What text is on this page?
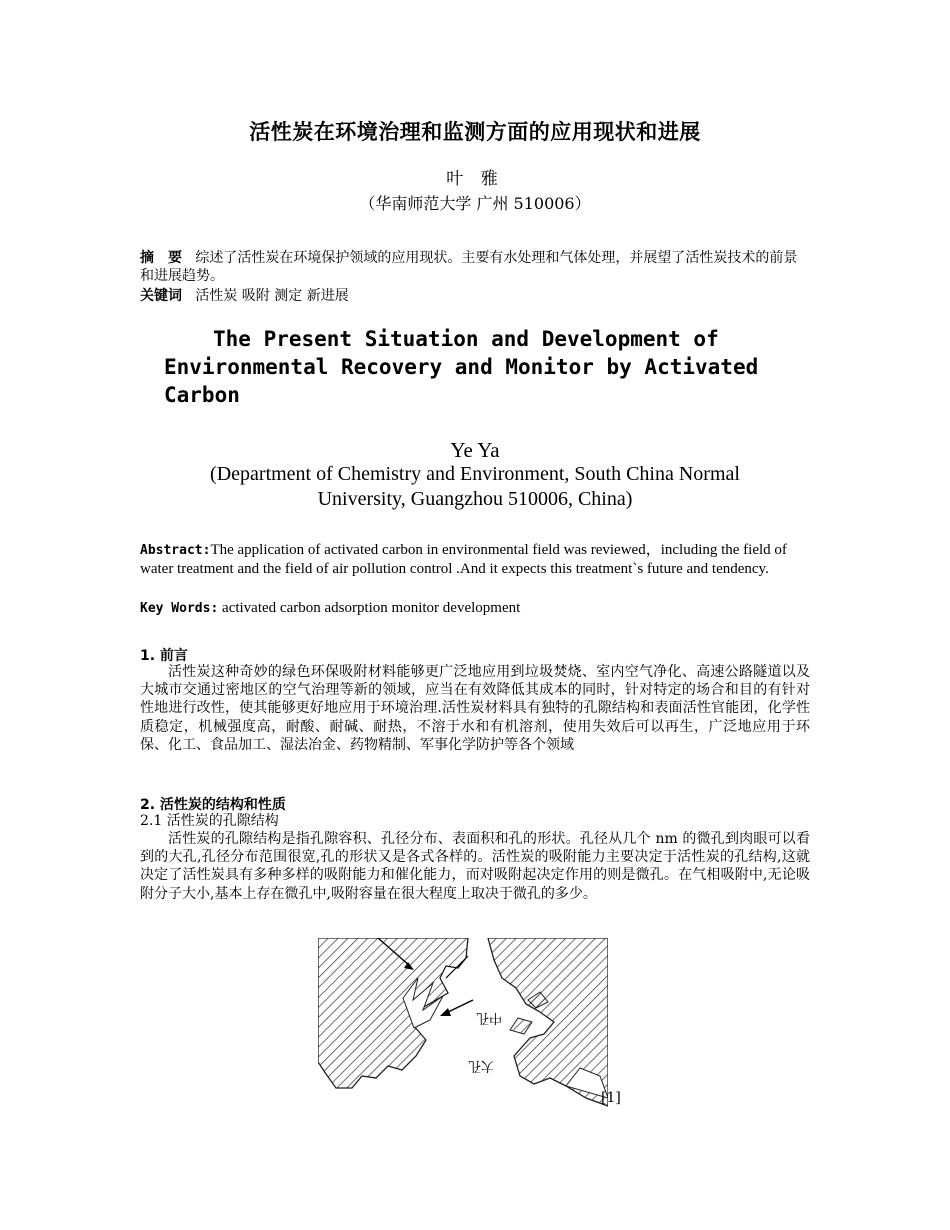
活性炭在环境治理和监测方面的应用现状和进展
叶 雅
（华南师范大学 广州 510006）
摘　要 综述了活性炭在环境保护领域的应用现状。主要有水处理和气体处理，并展望了活性炭技术的前景和进展趋势。
关键词 活性炭 吸附 测定 新进展
The Present Situation and Development of
Environmental Recovery and Monitor by Activated
Carbon
Ye Ya
(Department of Chemistry and Environment, South China Normal University, Guangzhou 510006, China)
Abstract:The application of activated carbon in environmental field was reviewed，including the field of water treatment and the field of air pollution control .And it expects this treatment`s future and tendency.
Key Words: activated carbon adsorption monitor development
1. 前言
活性炭这种奇妙的绿色环保吸附材料能够更广泛地应用到垃圾焚烧、室内空气净化、高速公路隧道以及大城市交通过密地区的空气治理等新的领域，应当在有效降低其成本的同时，针对特定的场合和目的有针对性地进行改性，使其能够更好地应用于环境治理.活性炭材料具有独特的孔隙结构和表面活性官能团，化学性质稳定，机械强度高，耐酸、耐碱、耐热，不溶于水和有机溶剂，使用失效后可以再生，广泛地应用于环保、化工、食品加工、湿法冶金、药物精制、军事化学防护等各个领域
2. 活性炭的结构和性质
2.1 活性炭的孔隙结构
活性炭的孔隙结构是指孔隙容积、孔径分布、表面积和孔的形状。孔径从几个 nm 的微孔到肉眼可以看到的大孔,孔径分布范围很宽,孔的形状又是各式各样的。活性炭的吸附能力主要决定于活性炭的孔结构,这就决定了活性炭具有多种多样的吸附能力和催化能力，而对吸附起决定作用的则是微孔。在气相吸附中,无论吸附分子大小,基本上存在微孔中,吸附容量在很大程度上取决于微孔的多少。
中孔
大孔
[1]
